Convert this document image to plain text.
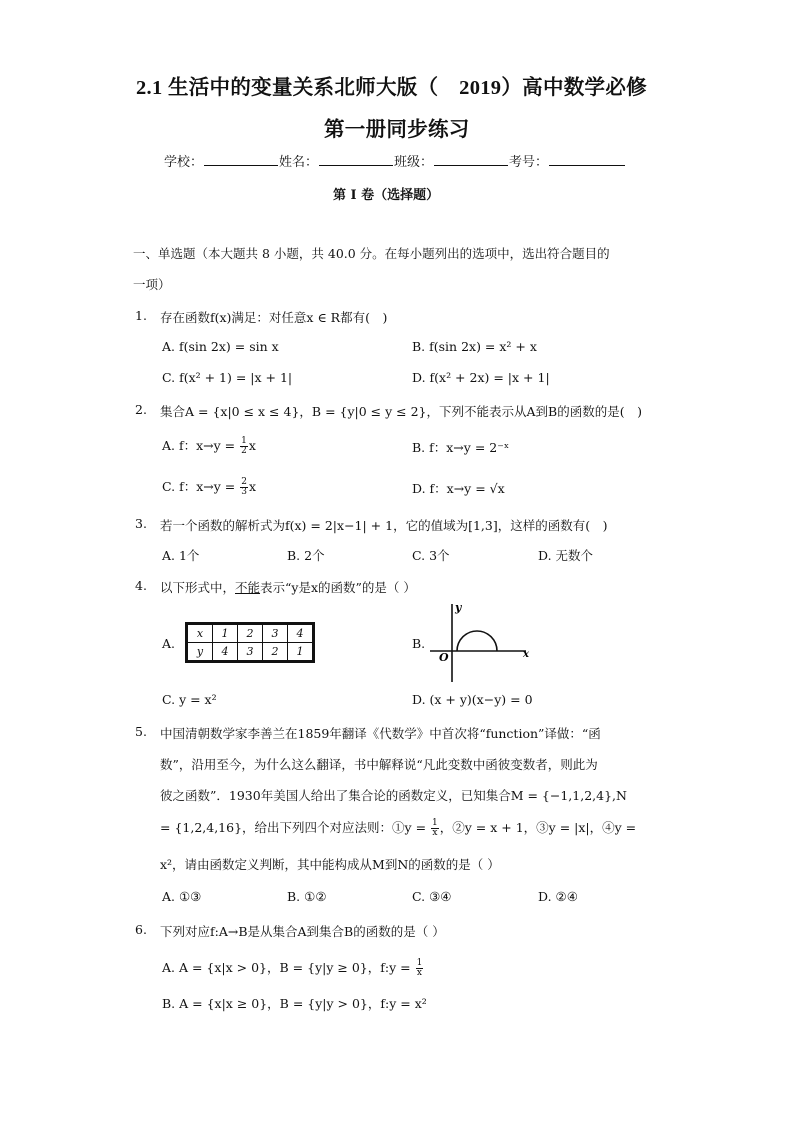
2.1 生活中的变量关系北师大版（　2019）高中数学必修
第一册同步练习
学校：	姓名：	班级：	考号：
第 I 卷（选择题）
一、单选题（本大题共 8 小题，共 40.0 分。在每小题列出的选项中，选出符合题目的
一项）
1. 存在函数f(x)满足：对任意x ∈ R都有(　)
A. f(sin 2x) = sin x	B. f(sin 2x) = x² + x
C. f(x² + 1) = |x + 1|	D. f(x² + 2x) = |x + 1|
2. 集合A = {x|0 ≤ x ≤ 4}，B = {y|0 ≤ y ≤ 2}，下列不能表示从A到B的函数的是(　)
A. f：$x\to y = \frac{1}{2}$ x	B. f：x→y = 2⁻ˣ
C. f：$x\to y = \frac{2}{3}$ x	D. f：x→y = √x
3. 若一个函数的解析式为f(x) = 2|x−1| + 1，它的值域为[1,3]，这样的函数有(　)
A. 1个	B. 2个	C. 3个	D. 无数个
4. 以下形式中，不能表示“y是x的函数”的是（ ）
A.
x	1	2	3	4
y	4	3	2	1
B.
y
x
O
C. y = x²	D. (x + y)(x−y) = 0
5. 中国清朝数学家李善兰在1859年翻译《代数学》中首次将“function”译做：“函
数”，沿用至今，为什么这么翻译，书中解释说“凡此变数中函彼变数者，则此为
彼之函数”．1930年美国人给出了集合论的函数定义，已知集合M = {−1,1,2,4},N
= {1,2,4,16}，给出下列四个对应法则：①y = $\frac{1}{x}$ ，②y = x + 1，③y = |x|，④y =
x²，请由函数定义判断，其中能构成从M到N的函数的是（ ）
A. ①③	B. ①②	C. ③④	D. ②④
6. 下列对应f:A→B是从集合A到集合B的函数的是（ ）
A. A = {x|x > 0}，B = {y|y ≥ 0}，f:y = $\frac{1}{x}$
B. A = {x|x ≥ 0}，B = {y|y > 0}，f:y = x²
